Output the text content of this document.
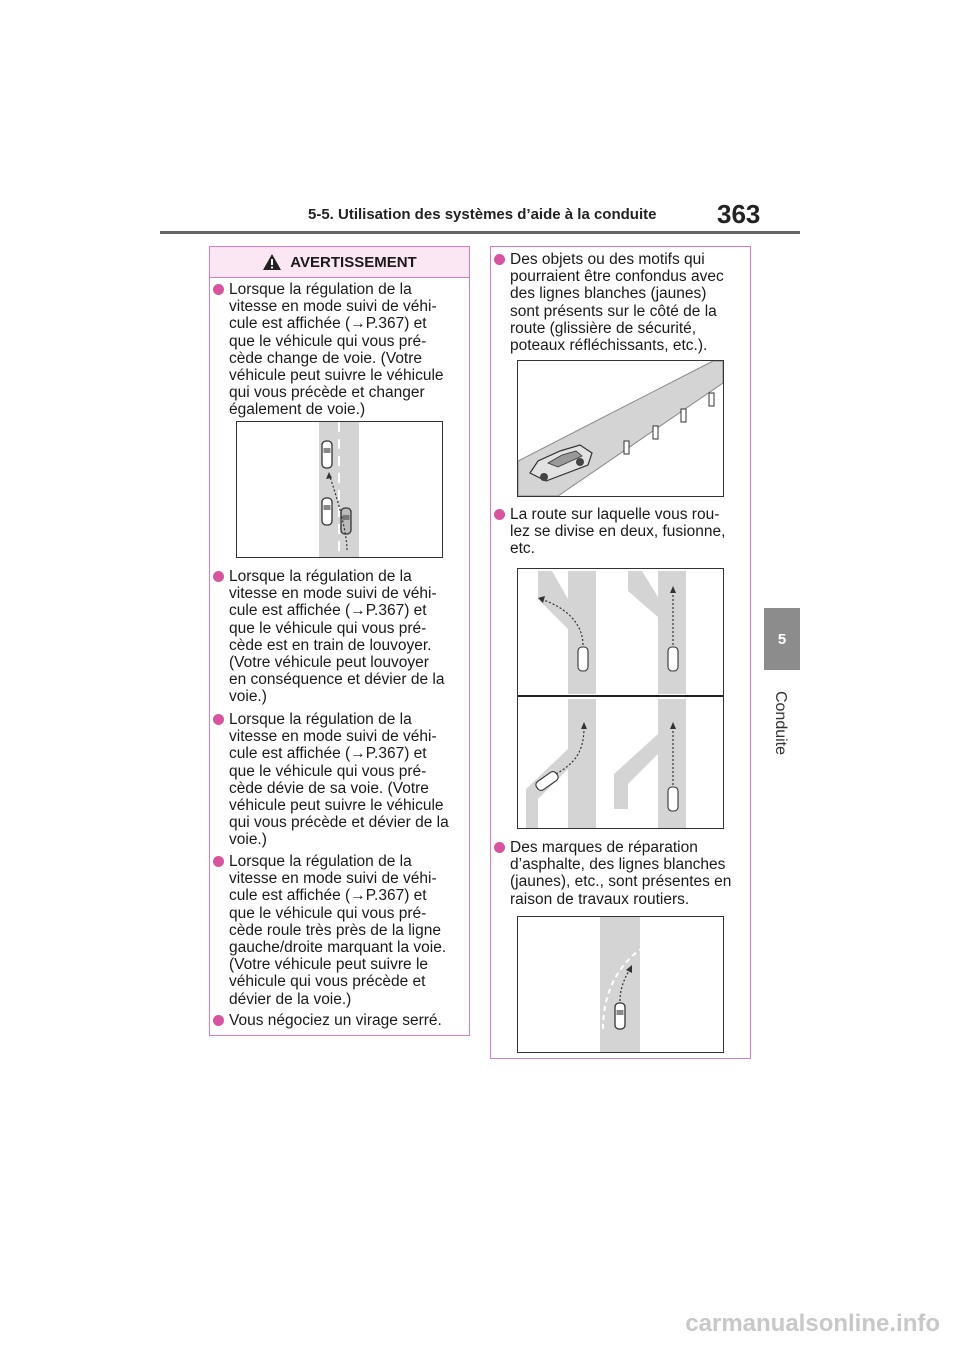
5-5. Utilisation des systèmes d’aide à la conduite 363
5
Conduite
AVERTISSEMENT
Lorsque la régulation de la
vitesse en mode suivi de véhi-
cule est affichée (→P.367) et
que le véhicule qui vous pré-
cède change de voie. (Votre
véhicule peut suivre le véhicule
qui vous précède et changer
également de voie.)
Lorsque la régulation de la
vitesse en mode suivi de véhi-
cule est affichée (→P.367) et
que le véhicule qui vous pré-
cède est en train de louvoyer.
(Votre véhicule peut louvoyer
en conséquence et dévier de la
voie.)
Lorsque la régulation de la
vitesse en mode suivi de véhi-
cule est affichée (→P.367) et
que le véhicule qui vous pré-
cède dévie de sa voie. (Votre
véhicule peut suivre le véhicule
qui vous précède et dévier de la
voie.)
Lorsque la régulation de la
vitesse en mode suivi de véhi-
cule est affichée (→P.367) et
que le véhicule qui vous pré-
cède roule très près de la ligne
gauche/droite marquant la voie.
(Votre véhicule peut suivre le
véhicule qui vous précède et
dévier de la voie.)
Vous négociez un virage serré.
Des objets ou des motifs qui
pourraient être confondus avec
des lignes blanches (jaunes)
sont présents sur le côté de la
route (glissière de sécurité,
poteaux réfléchissants, etc.).
La route sur laquelle vous rou-
lez se divise en deux, fusionne,
etc.
Des marques de réparation
d’asphalte, des lignes blanches
(jaunes), etc., sont présentes en
raison de travaux routiers.
carmanualsonline.info
